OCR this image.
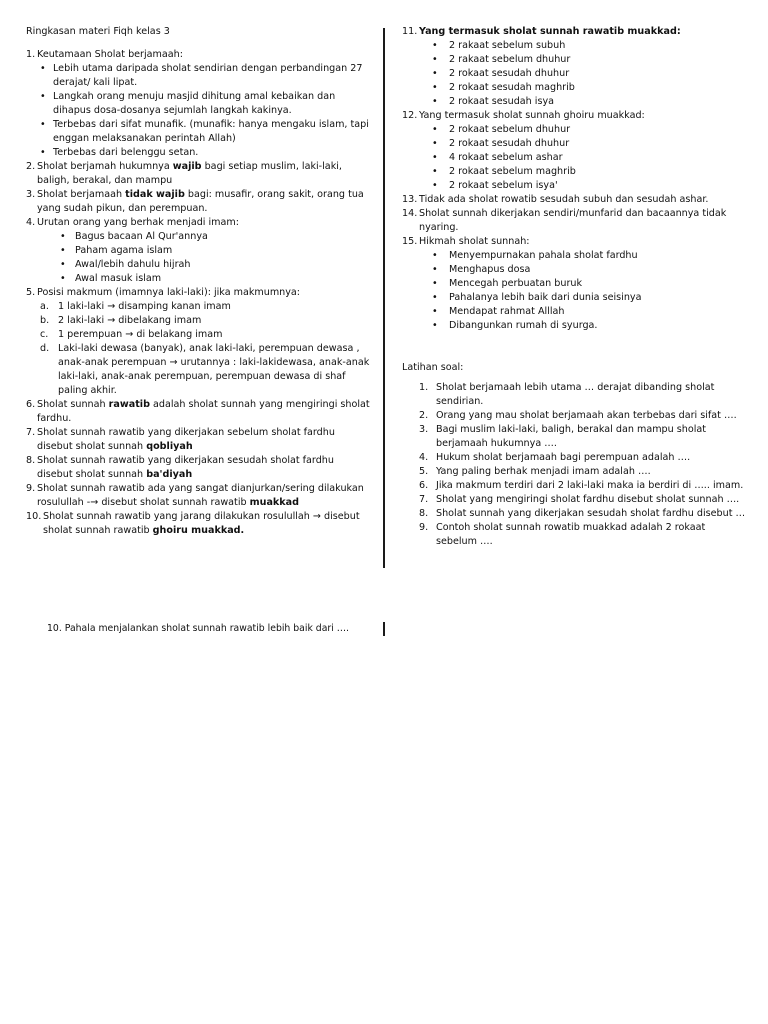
Ringkasan materi Fiqh kelas 3

1. Keutamaan Sholat berjamaah:
• Lebih utama daripada sholat sendirian dengan perbandingan 27 derajat/ kali lipat.
• Langkah orang menuju masjid dihitung amal kebaikan dan dihapus dosa-dosanya sejumlah langkah kakinya.
• Terbebas dari sifat munafik. (munafik: hanya mengaku islam, tapi enggan melaksanakan perintah Allah)
• Terbebas dari belenggu setan.
2. Sholat berjamah hukumnya wajib bagi setiap muslim, laki-laki, baligh, berakal, dan mampu
3. Sholat berjamaah tidak wajib bagi: musafir, orang sakit, orang tua yang sudah pikun, dan perempuan.
4. Urutan orang yang berhak menjadi imam:
• Bagus bacaan Al Qur'annya
• Paham agama islam
• Awal/lebih dahulu hijrah
• Awal masuk islam
5. Posisi makmum (imamnya laki-laki): jika makmumnya:
a. 1 laki-laki → disamping kanan imam
b. 2 laki-laki → dibelakang imam
c. 1 perempuan → di belakang imam
d. Laki-laki dewasa (banyak), anak laki-laki, perempuan dewasa , anak-anak perempuan → urutannya : laki-lakidewasa, anak-anak laki-laki, anak-anak perempuan, perempuan dewasa di shaf paling akhir.
6. Sholat sunnah rawatib adalah sholat sunnah yang mengiringi sholat fardhu.
7. Sholat sunnah rawatib yang dikerjakan sebelum sholat fardhu disebut sholat sunnah qobliyah
8. Sholat sunnah rawatib yang dikerjakan sesudah sholat fardhu disebut sholat sunnah ba'diyah
9. Sholat sunnah rawatib ada yang sangat dianjurkan/sering dilakukan rosulullah -→ disebut sholat sunnah rawatib muakkad
10. Sholat sunnah rawatib yang jarang dilakukan rosulullah → disebut sholat sunnah rawatib ghoiru muakkad.
11. Yang termasuk sholat sunnah rawatib muakkad:
• 2 rakaat sebelum subuh
• 2 rakaat sebelum dhuhur
• 2 rokaat sesudah dhuhur
• 2 rokaat sesudah maghrib
• 2 rokaat sesudah isya
12. Yang termasuk sholat sunnah ghoiru muakkad:
• 2 rokaat sebelum dhuhur
• 2 rokaat sesudah dhuhur
• 4 rokaat sebelum ashar
• 2 rokaat sebelum maghrib
• 2 rokaat sebelum isya'
13. Tidak ada sholat rowatib sesudah subuh dan sesudah ashar.
14. Sholat sunnah dikerjakan sendiri/munfarid dan bacaannya tidak nyaring.
15. Hikmah sholat sunnah:
• Menyempurnakan pahala sholat fardhu
• Menghapus dosa
• Mencegah perbuatan buruk
• Pahalanya lebih baik dari dunia seisinya
• Mendapat rahmat Alllah
• Dibangunkan rumah di syurga.

Latihan soal:

1. Sholat berjamaah lebih utama … derajat dibanding sholat sendirian.
2. Orang yang mau sholat berjamaah akan terbebas dari sifat ….
3. Bagi muslim laki-laki, baligh, berakal dan mampu sholat berjamaah hukumnya ….
4. Hukum sholat berjamaah bagi perempuan adalah ….
5. Yang paling berhak menjadi imam adalah ….
6. Jika makmum terdiri dari 2 laki-laki maka ia berdiri di ….. imam.
7. Sholat yang mengiringi sholat fardhu disebut sholat sunnah ….
8. Sholat sunnah yang dikerjakan sesudah sholat fardhu disebut …
9. Contoh sholat sunnah rowatib muakkad adalah 2 rokaat sebelum ….
10. Pahala menjalankan sholat sunnah rawatib lebih baik dari ….
